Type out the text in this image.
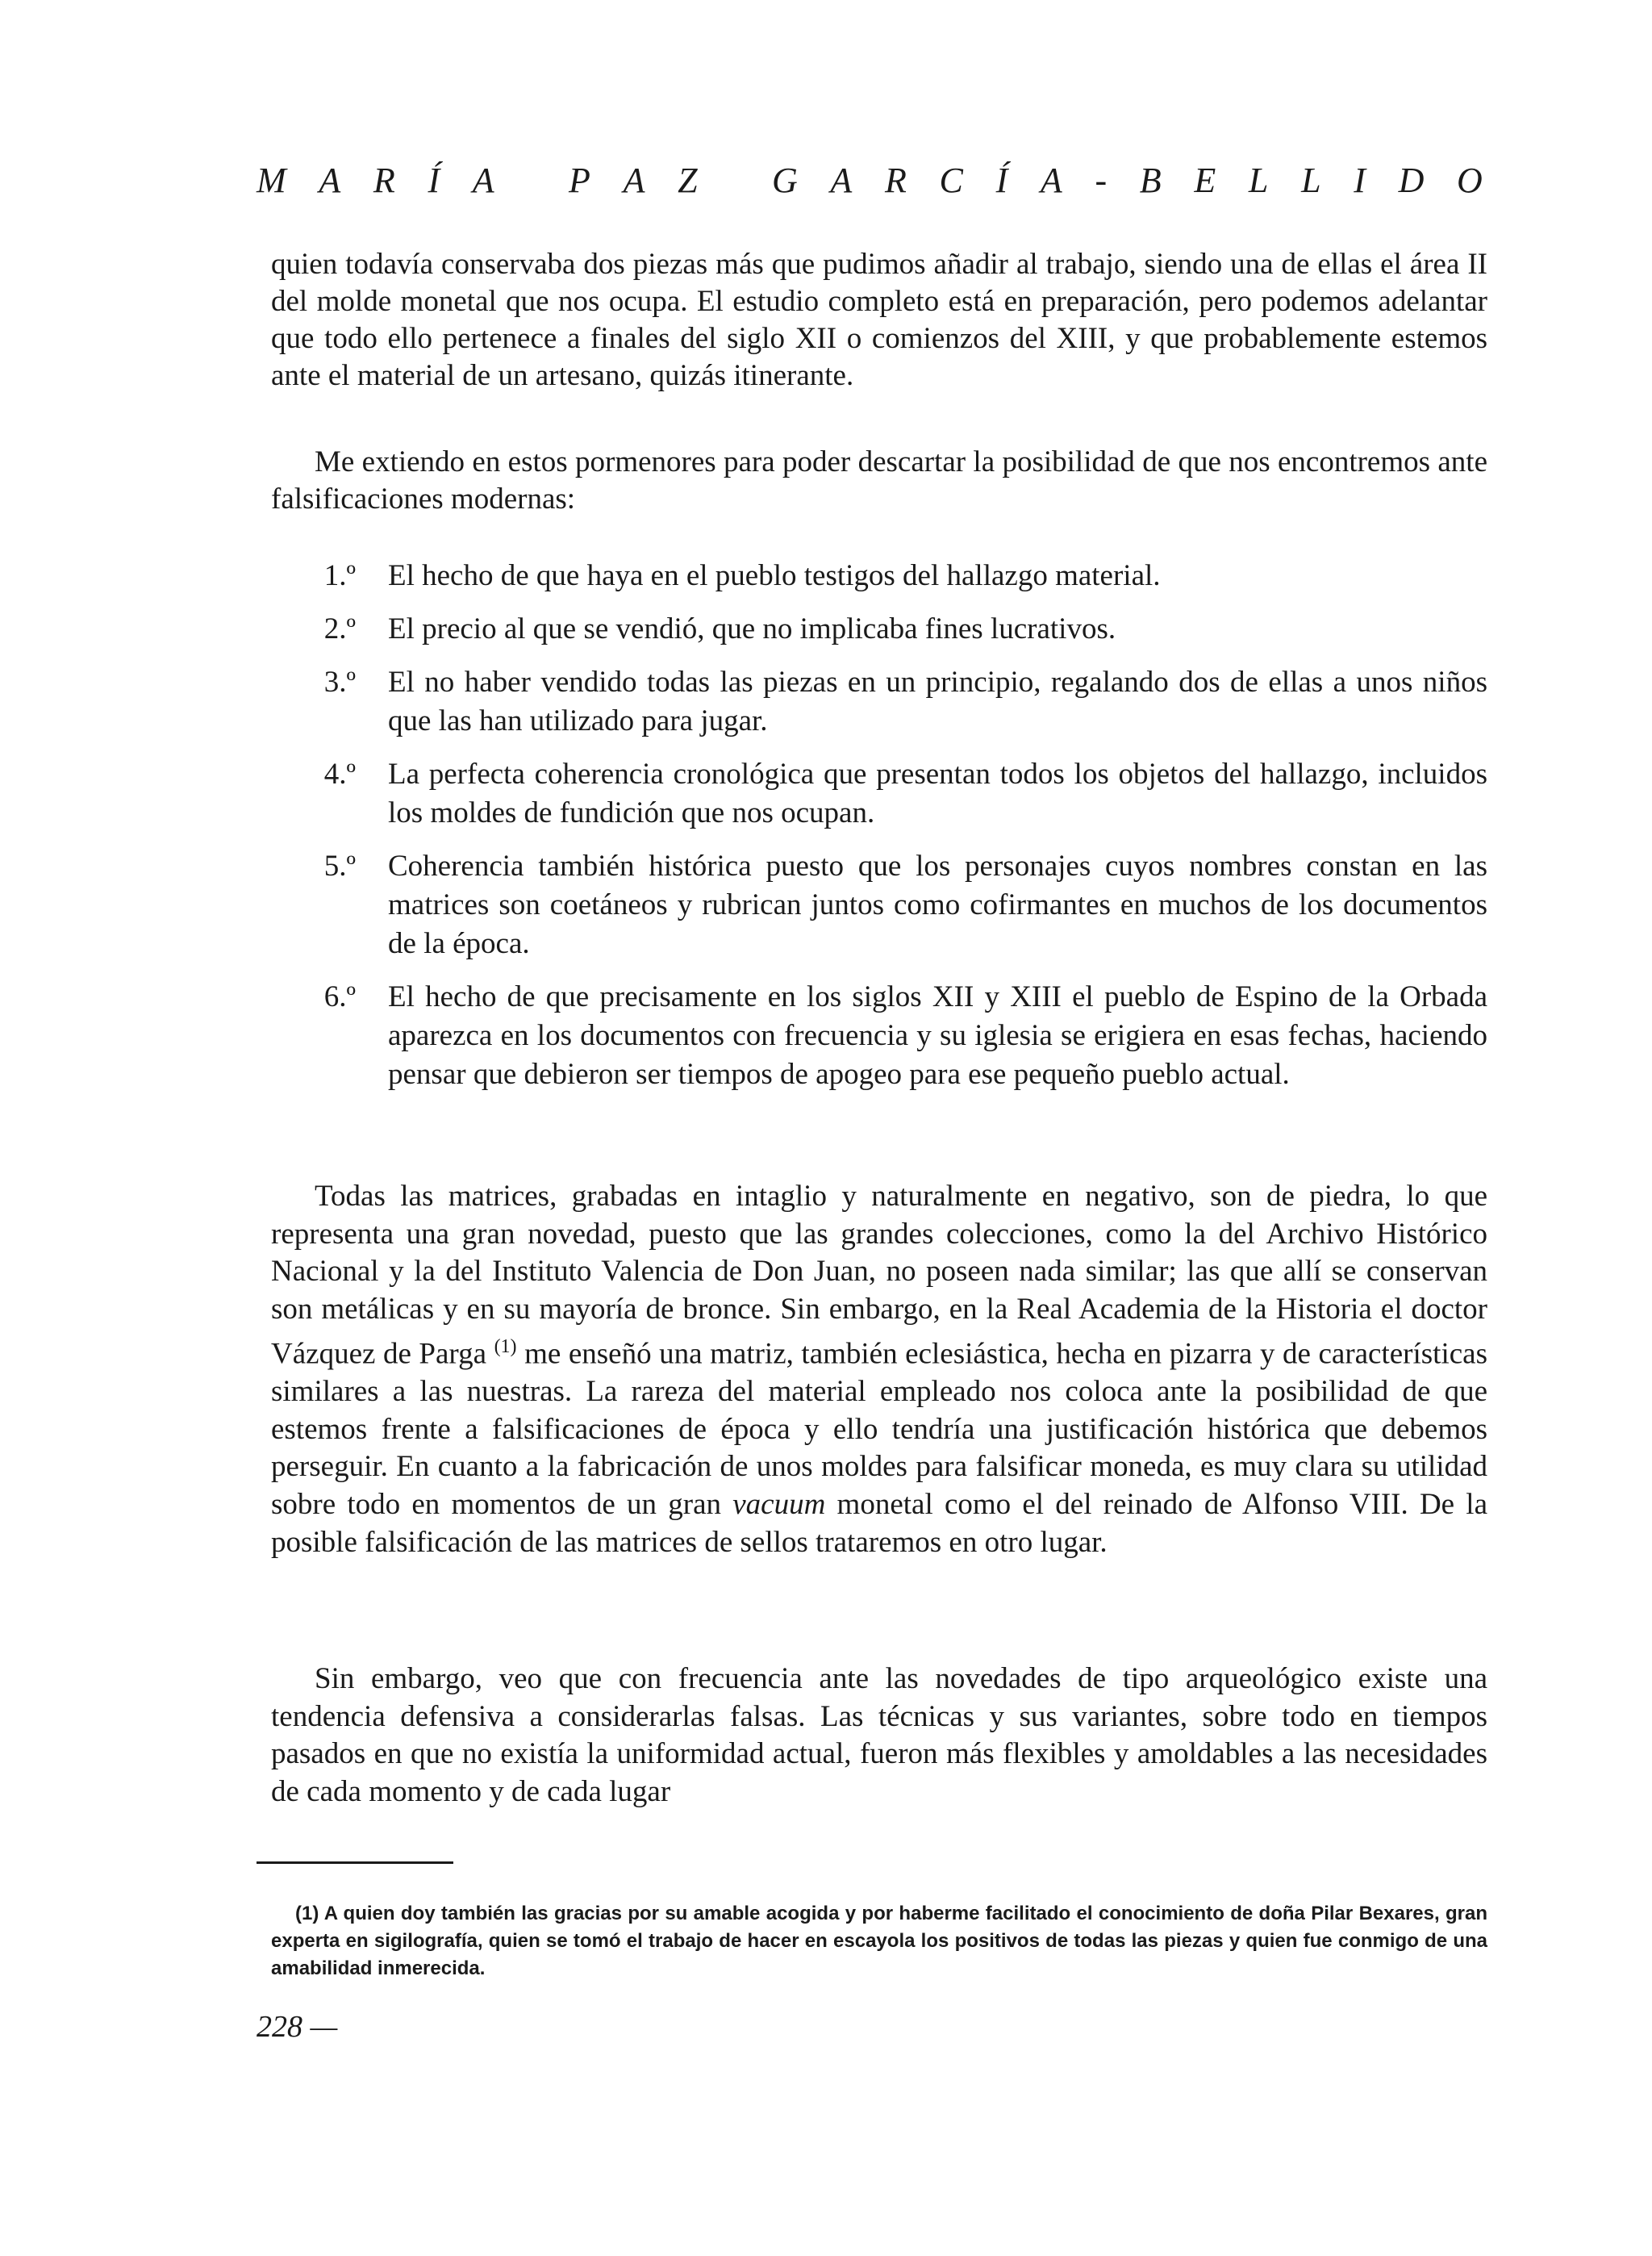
M A R Í A
P A Z
G A R C Í A - B E L L I D O

quien todavía conservaba dos piezas más que pudimos añadir al trabajo, siendo una de ellas el área II del molde monetal que nos ocupa. El estudio completo está en preparación, pero podemos adelantar que todo ello pertenece a finales del siglo XII o comienzos del XIII, y que probablemente estemos ante el material de un artesano, quizás itinerante.

Me extiendo en estos pormenores para poder descartar la posibilidad de que nos encontremos ante falsificaciones modernas:

1.º	El hecho de que haya en el pueblo testigos del hallazgo material.
2.º	El precio al que se vendió, que no implicaba fines lucrativos.
3.º	El no haber vendido todas las piezas en un principio, regalando dos de ellas a unos niños que las han utilizado para jugar.
4.º	La perfecta coherencia cronológica que presentan todos los objetos del hallazgo, incluidos los moldes de fundición que nos ocupan.
5.º	Coherencia también histórica puesto que los personajes cuyos nombres constan en las matrices son coetáneos y rubrican juntos como cofirmantes en muchos de los documentos de la época.
6.º	El hecho de que precisamente en los siglos XII y XIII el pueblo de Espino de la Orbada aparezca en los documentos con frecuencia y su iglesia se erigiera en esas fechas, haciendo pensar que debieron ser tiempos de apogeo para ese pequeño pueblo actual.

Todas las matrices, grabadas en intaglio y naturalmente en negativo, son de piedra, lo que representa una gran novedad, puesto que las grandes colecciones, como la del Archivo Histórico Nacional y la del Instituto Valencia de Don Juan, no poseen nada similar; las que allí se conservan son metálicas y en su mayoría de bronce. Sin embargo, en la Real Academia de la Historia el doctor Vázquez de Parga $^{(1)}$ me enseñó una matriz, también eclesiástica, hecha en pizarra y de características similares a las nuestras. La rareza del material empleado nos coloca ante la posibilidad de que estemos frente a falsificaciones de época y ello tendría una justificación histórica que debemos perseguir. En cuanto a la fabricación de unos moldes para falsificar moneda, es muy clara su utilidad sobre todo en momentos de un gran vacuum monetal como el del reinado de Alfonso VIII. De la posible falsificación de las matrices de sellos trataremos en otro lugar.

Sin embargo, veo que con frecuencia ante las novedades de tipo arqueológico existe una tendencia defensiva a considerarlas falsas. Las técnicas y sus variantes, sobre todo en tiempos pasados en que no existía la uniformidad actual, fueron más flexibles y amoldables a las necesidades de cada momento y de cada lugar

(1) A quien doy también las gracias por su amable acogida y por haberme facilitado el conocimiento de doña Pilar Bexares, gran experta en sigilografía, quien se tomó el trabajo de hacer en escayola los positivos de todas las piezas y quien fue conmigo de una amabilidad inmerecida.

228 —
